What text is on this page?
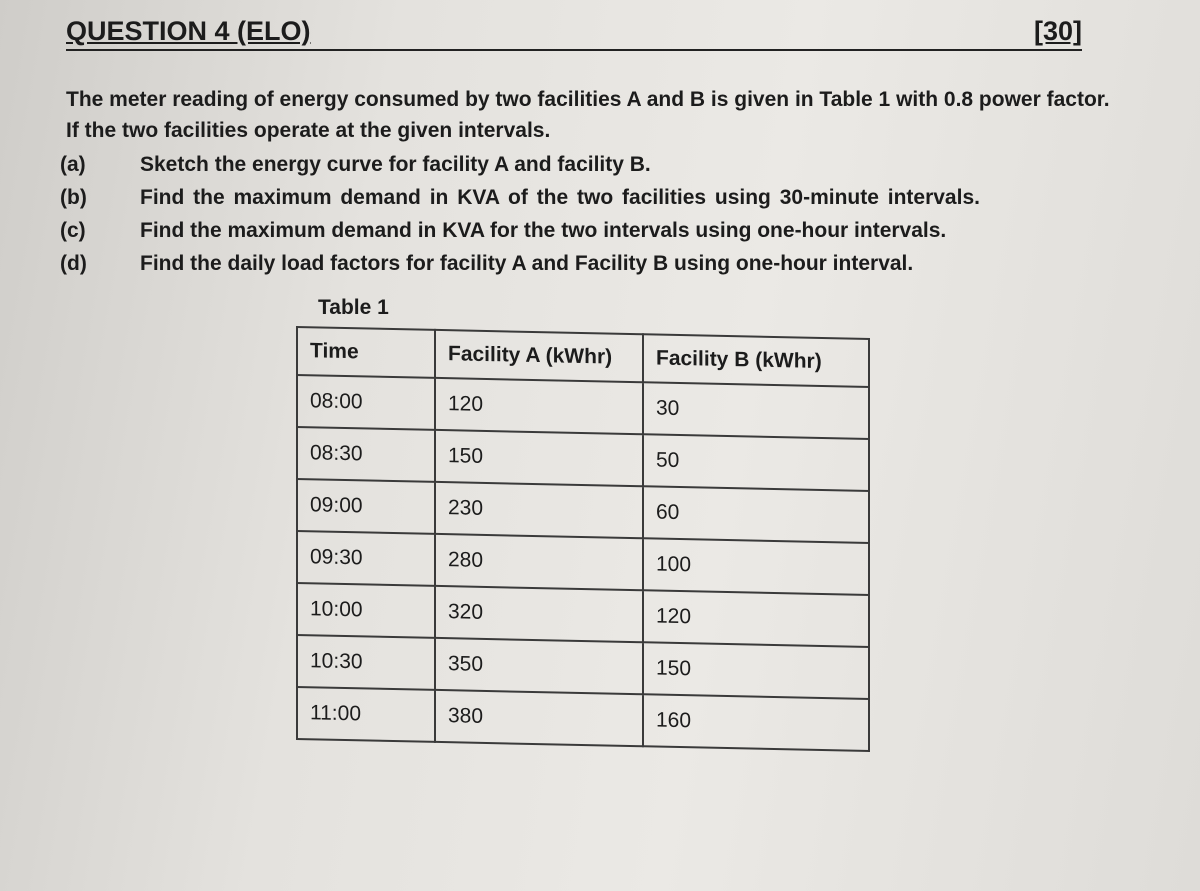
QUESTION 4 (ELO)	[30]
The meter reading of energy consumed by two facilities A and B is given in Table 1 with 0.8 power factor. If the two facilities operate at the given intervals.
(a)	Sketch the energy curve for facility A and facility B.
(b)	Find the maximum demand in KVA of the two facilities using 30-minute intervals.
(c)	Find the maximum demand in KVA for the two intervals using one-hour intervals.
(d)	Find the daily load factors for facility A and Facility B using one-hour interval.
Table 1
Time	Facility A (kWhr)	Facility B (kWhr)
08:00	120	30
08:30	150	50
09:00	230	60
09:30	280	100
10:00	320	120
10:30	350	150
11:00	380	160
